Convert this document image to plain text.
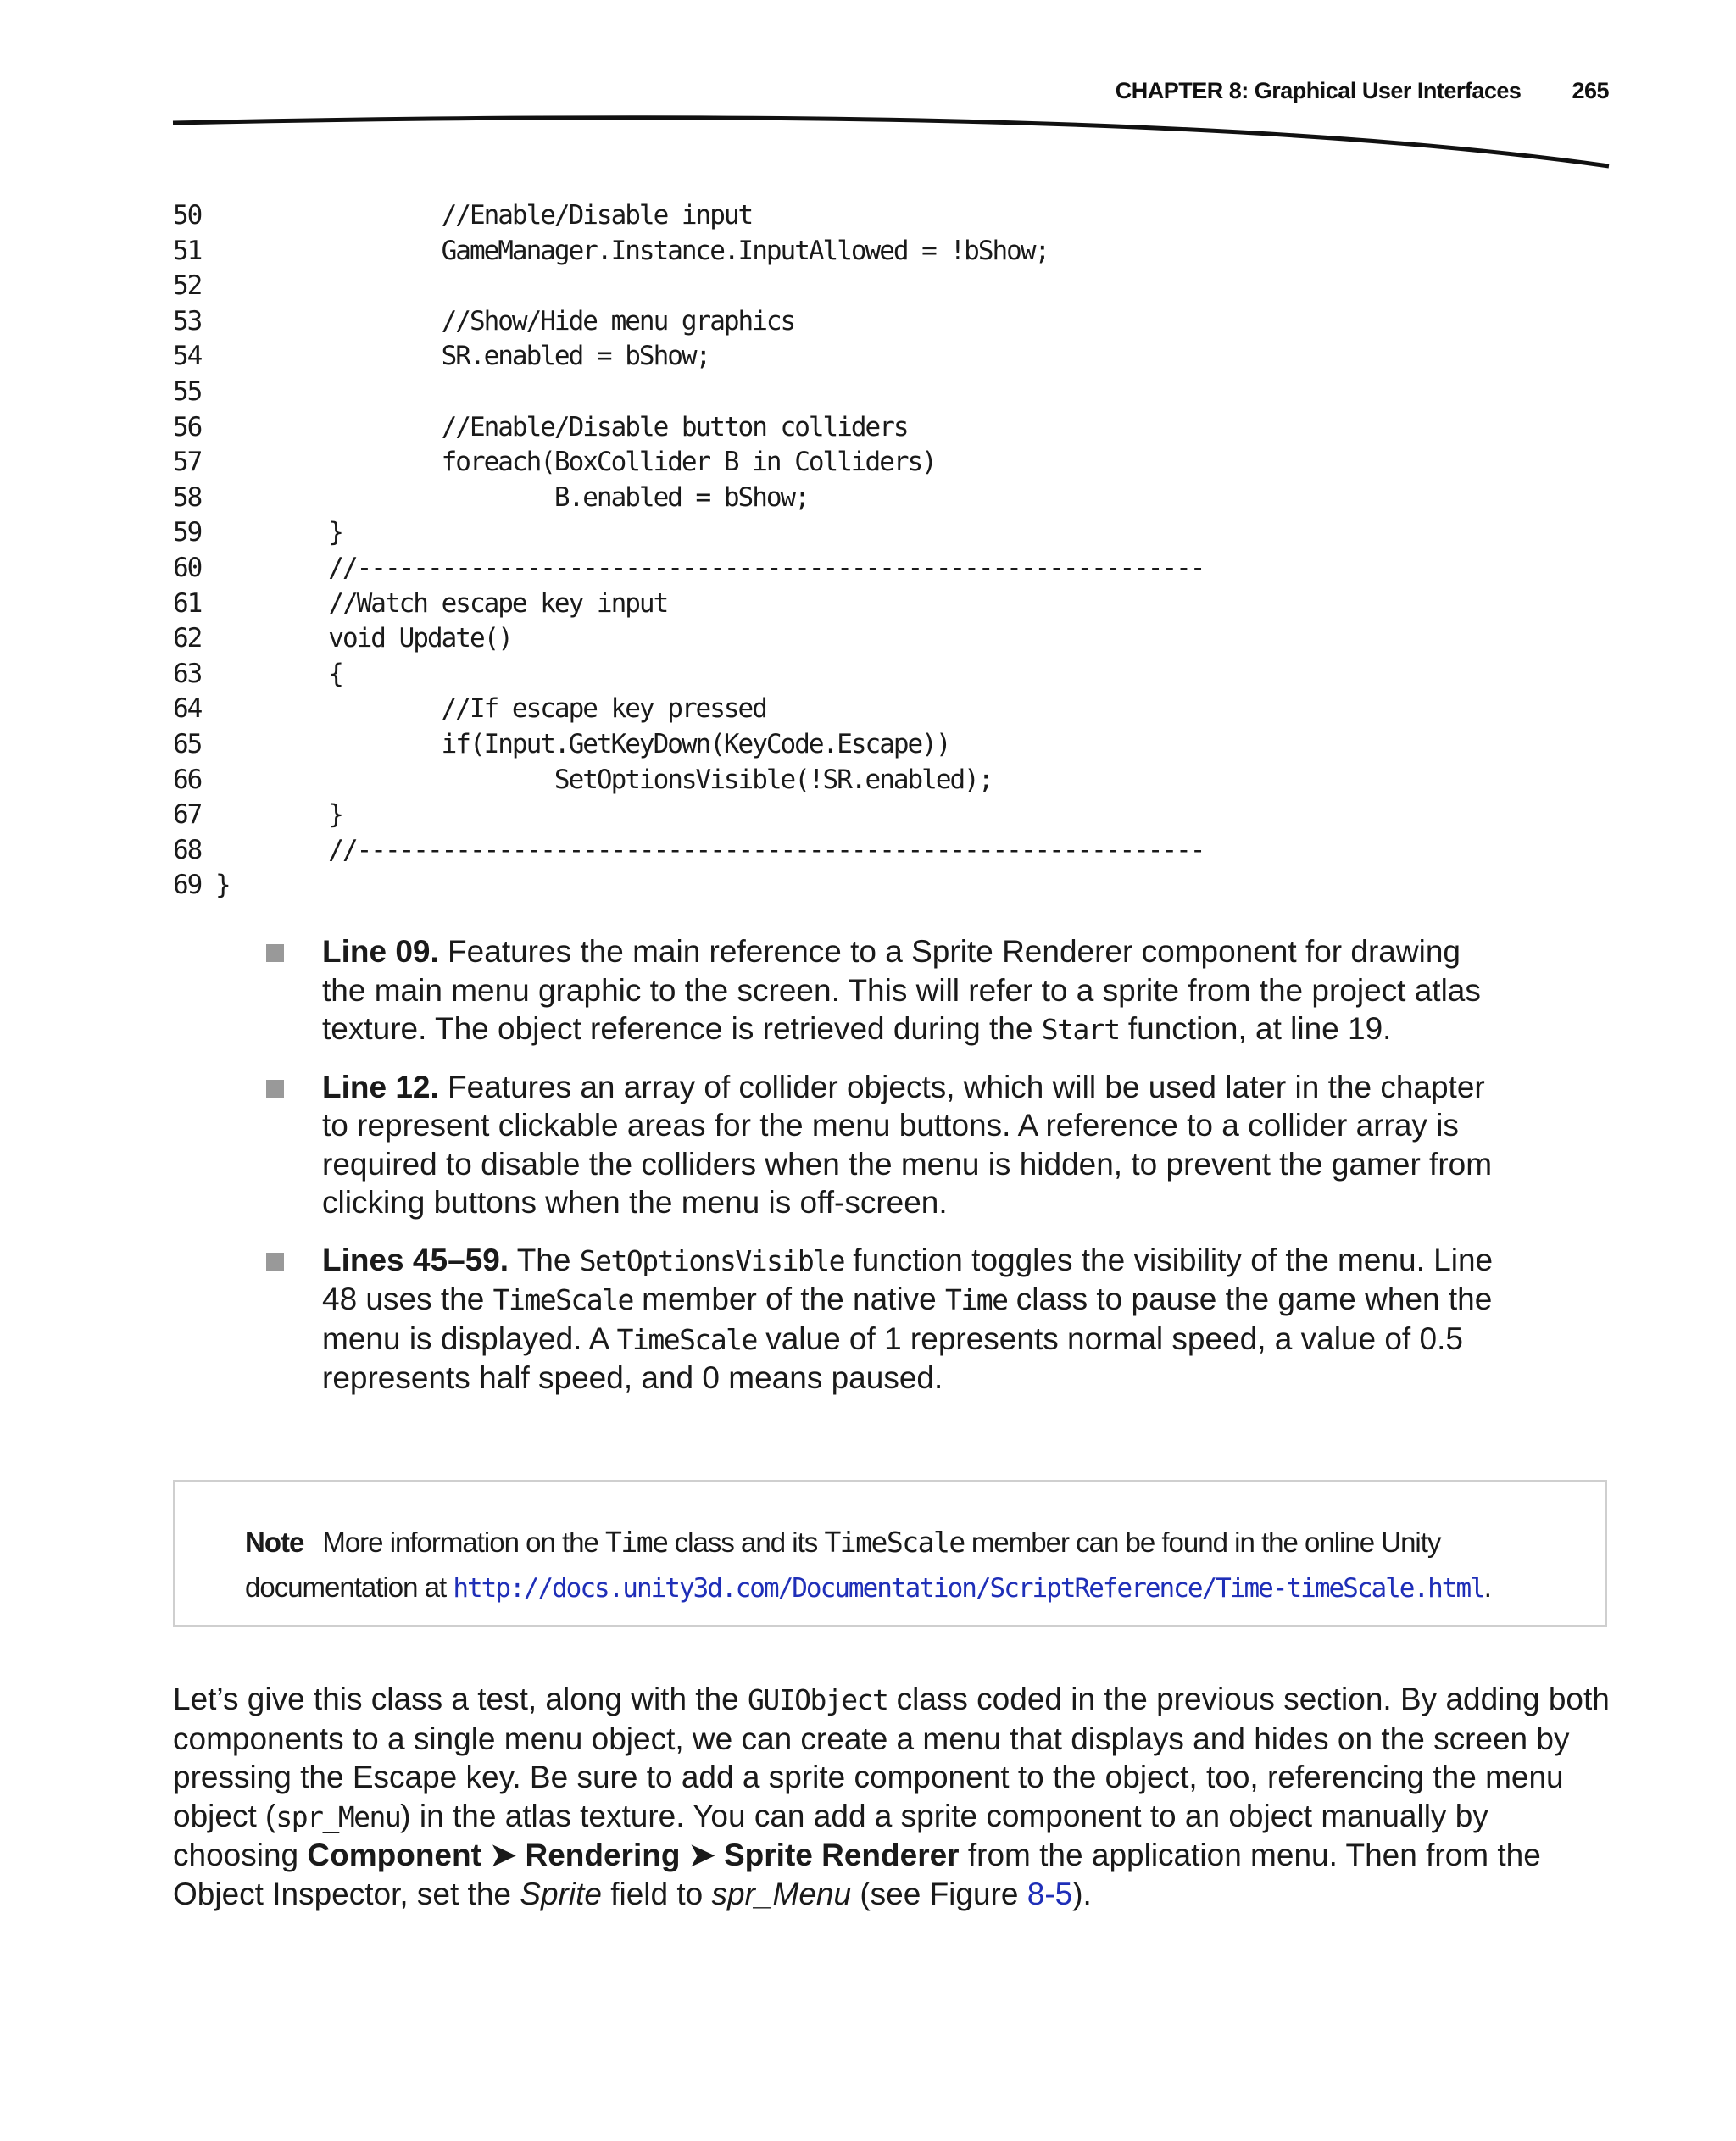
CHAPTER 8: Graphical User Interfaces 265
50                //Enable/Disable input
51                GameManager.Instance.InputAllowed = !bShow;
52
53                //Show/Hide menu graphics
54                SR.enabled = bShow;
55
56                //Enable/Disable button colliders
57                foreach(BoxCollider B in Colliders)
58                        B.enabled = bShow;
59        }
60        //------------------------------------------------------------
61        //Watch escape key input
62        void Update()
63        {
64                //If escape key pressed
65                if(Input.GetKeyDown(KeyCode.Escape))
66                        SetOptionsVisible(!SR.enabled);
67        }
68        //------------------------------------------------------------
69 }
Line 09. Features the main reference to a Sprite Renderer component for drawing the main menu graphic to the screen. This will refer to a sprite from the project atlas texture. The object reference is retrieved during the Start function, at line 19.
Line 12. Features an array of collider objects, which will be used later in the chapter to represent clickable areas for the menu buttons. A reference to a collider array is required to disable the colliders when the menu is hidden, to prevent the gamer from clicking buttons when the menu is off-screen.
Lines 45–59. The SetOptionsVisible function toggles the visibility of the menu. Line 48 uses the TimeScale member of the native Time class to pause the game when the menu is displayed. A TimeScale value of 1 represents normal speed, a value of 0.5 represents half speed, and 0 means paused.
Note More information on the Time class and its TimeScale member can be found in the online Unity documentation at http://docs.unity3d.com/Documentation/ScriptReference/Time-timeScale.html.
Let’s give this class a test, along with the GUIObject class coded in the previous section. By adding both components to a single menu object, we can create a menu that displays and hides on the screen by pressing the Escape key. Be sure to add a sprite component to the object, too, referencing the menu object (spr_Menu) in the atlas texture. You can add a sprite component to an object manually by choosing Component ➤ Rendering ➤ Sprite Renderer from the application menu. Then from the Object Inspector, set the Sprite field to spr_Menu (see Figure 8-5).
